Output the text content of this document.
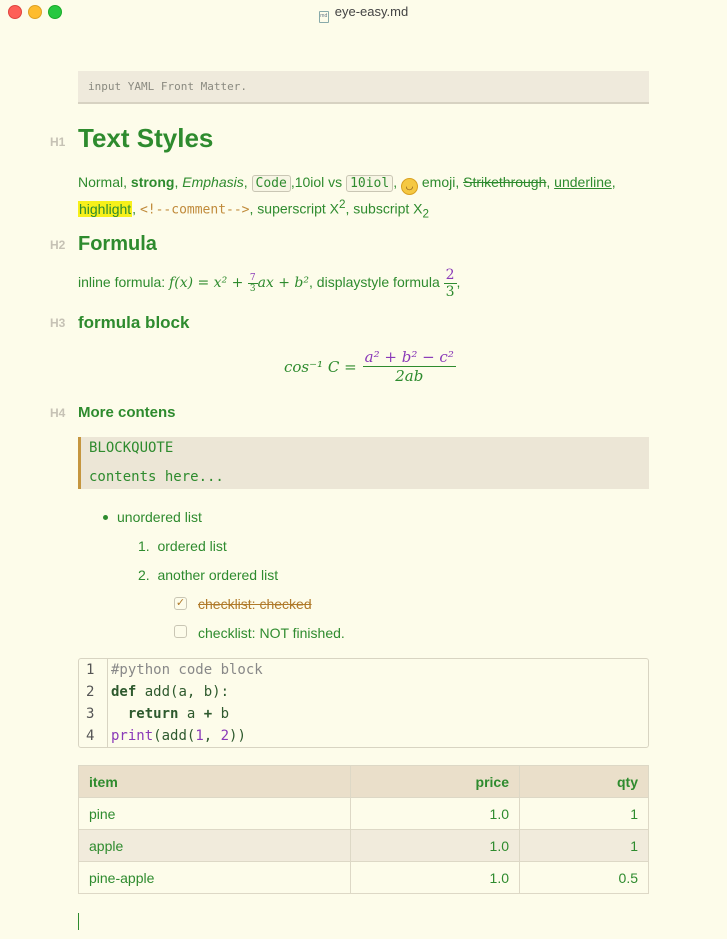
md eye-easy.md
input YAML Front Matter.
H1 Text Styles
Normal, strong, Emphasis, Code ,10iol vs 10iol , ◡ emoji, Strikethrough, underline,
highlight, <!--comment-->, superscript $X^2$, subscript $X_2$
H2 Formula
inline formula: $f(x) = x^2 + \frac{7}{3}$ ax + b², displaystyle formula $\frac{2}{3}$ ,
H3 formula block
cos⁻¹ $C = \frac{\text{a² + b² − c²}}{2ab}$
H4 More contens
BLOCKQUOTE
contents here...
unordered list
1. ordered list
2. another ordered list
✓ checklist: checked
checklist: NOT finished.
1
2
3
4
#python code block
def add(a, b):
return a + b
print(add(1, 2))
item	price	qty
pine	1.0	1
apple	1.0	1
pine-apple	1.0	0.5
